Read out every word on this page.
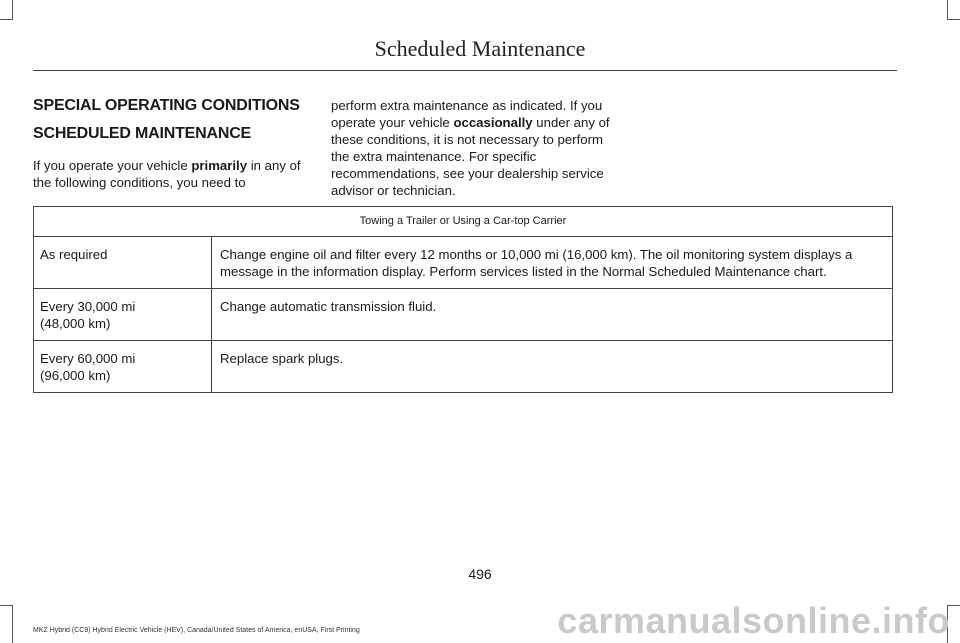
Scheduled Maintenance
SPECIAL OPERATING CONDITIONS
SCHEDULED MAINTENANCE

If you operate your vehicle primarily in any of the following conditions, you need to

perform extra maintenance as indicated. If you operate your vehicle occasionally under any of these conditions, it is not necessary to perform the extra maintenance. For specific recommendations, see your dealership service advisor or technician.

Towing a Trailer or Using a Car-top Carrier	
As required	Change engine oil and filter every 12 months or 10,000 mi (16,000 km). The oil monitoring system displays a message in the information display. Perform services listed in the Normal Scheduled Maintenance chart.
Every 30,000 mi
(48,000 km)	Change automatic transmission fluid.
Every 60,000 mi
(96,000 km)	Replace spark plugs.
496
MKZ Hybrid (CC9) Hybrid Electric Vehicle (HEV), Canada/United States of America, enUSA, First Printing	carmanualsonline.info
